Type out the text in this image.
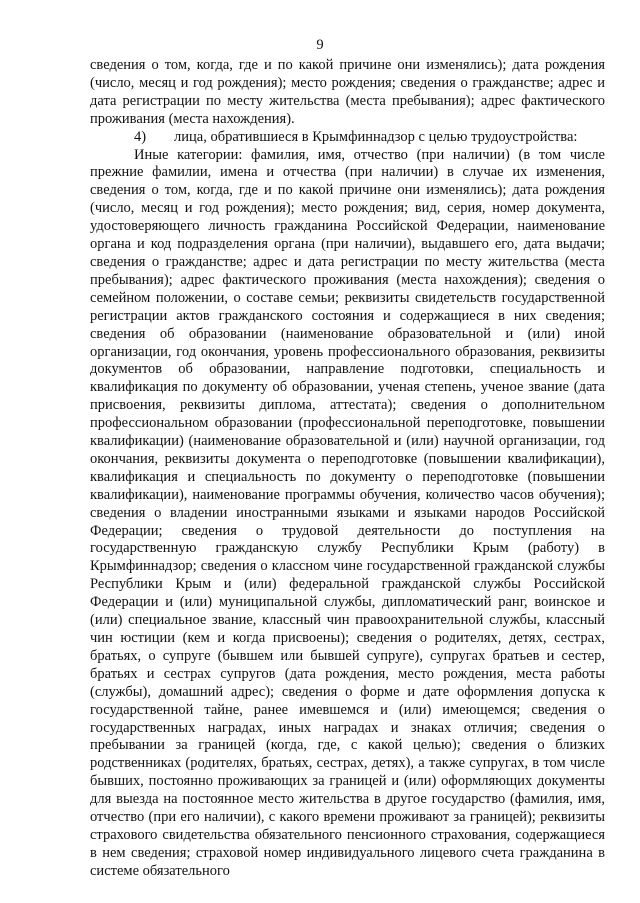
9

сведения о том, когда, где и по какой причине они изменялись); дата рождения (число, месяц и год рождения); место рождения; сведения о гражданстве; адрес и дата регистрации по месту жительства (места пребывания); адрес фактического проживания (места нахождения).

4) лица, обратившиеся в Крымфиннадзор с целью трудоустройства:

Иные категории: фамилия, имя, отчество (при наличии) (в том числе прежние фамилии, имена и отчества (при наличии) в случае их изменения, сведения о том, когда, где и по какой причине они изменялись); дата рождения (число, месяц и год рождения); место рождения; вид, серия, номер документа, удостоверяющего личность гражданина Российской Федерации, наименование органа и код подразделения органа (при наличии), выдавшего его, дата выдачи; сведения о гражданстве; адрес и дата регистрации по месту жительства (места пребывания); адрес фактического проживания (места нахождения); сведения о семейном положении, о составе семьи; реквизиты свидетельств государственной регистрации актов гражданского состояния и содержащиеся в них сведения; сведения об образовании (наименование образовательной и (или) иной организации, год окончания, уровень профессионального образования, реквизиты документов об образовании, направление подготовки, специальность и квалификация по документу об образовании, ученая степень, ученое звание (дата присвоения, реквизиты диплома, аттестата); сведения о дополнительном профессиональном образовании (профессиональной переподготовке, повышении квалификации) (наименование образовательной и (или) научной организации, год окончания, реквизиты документа о переподготовке (повышении квалификации), квалификация и специальность по документу о переподготовке (повышении квалификации), наименование программы обучения, количество часов обучения); сведения о владении иностранными языками и языками народов Российской Федерации; сведения о трудовой деятельности до поступления на государственную гражданскую службу Республики Крым (работу) в Крымфиннадзор; сведения о классном чине государственной гражданской службы Республики Крым и (или) федеральной гражданской службы Российской Федерации и (или) муниципальной службы, дипломатический ранг, воинское и (или) специальное звание, классный чин правоохранительной службы, классный чин юстиции (кем и когда присвоены); сведения о родителях, детях, сестрах, братьях, о супруге (бывшем или бывшей супруге), супругах братьев и сестер, братьях и сестрах супругов (дата рождения, место рождения, места работы (службы), домашний адрес); сведения о форме и дате оформления допуска к государственной тайне, ранее имевшемся и (или) имеющемся; сведения о государственных наградах, иных наградах и знаках отличия; сведения о пребывании за границей (когда, где, с какой целью); сведения о близких родственниках (родителях, братьях, сестрах, детях), а также супругах, в том числе бывших, постоянно проживающих за границей и (или) оформляющих документы для выезда на постоянное место жительства в другое государство (фамилия, имя, отчество (при его наличии), с какого времени проживают за границей); реквизиты страхового свидетельства обязательного пенсионного страхования, содержащиеся в нем сведения; страховой номер индивидуального лицевого счета гражданина в системе обязательного
